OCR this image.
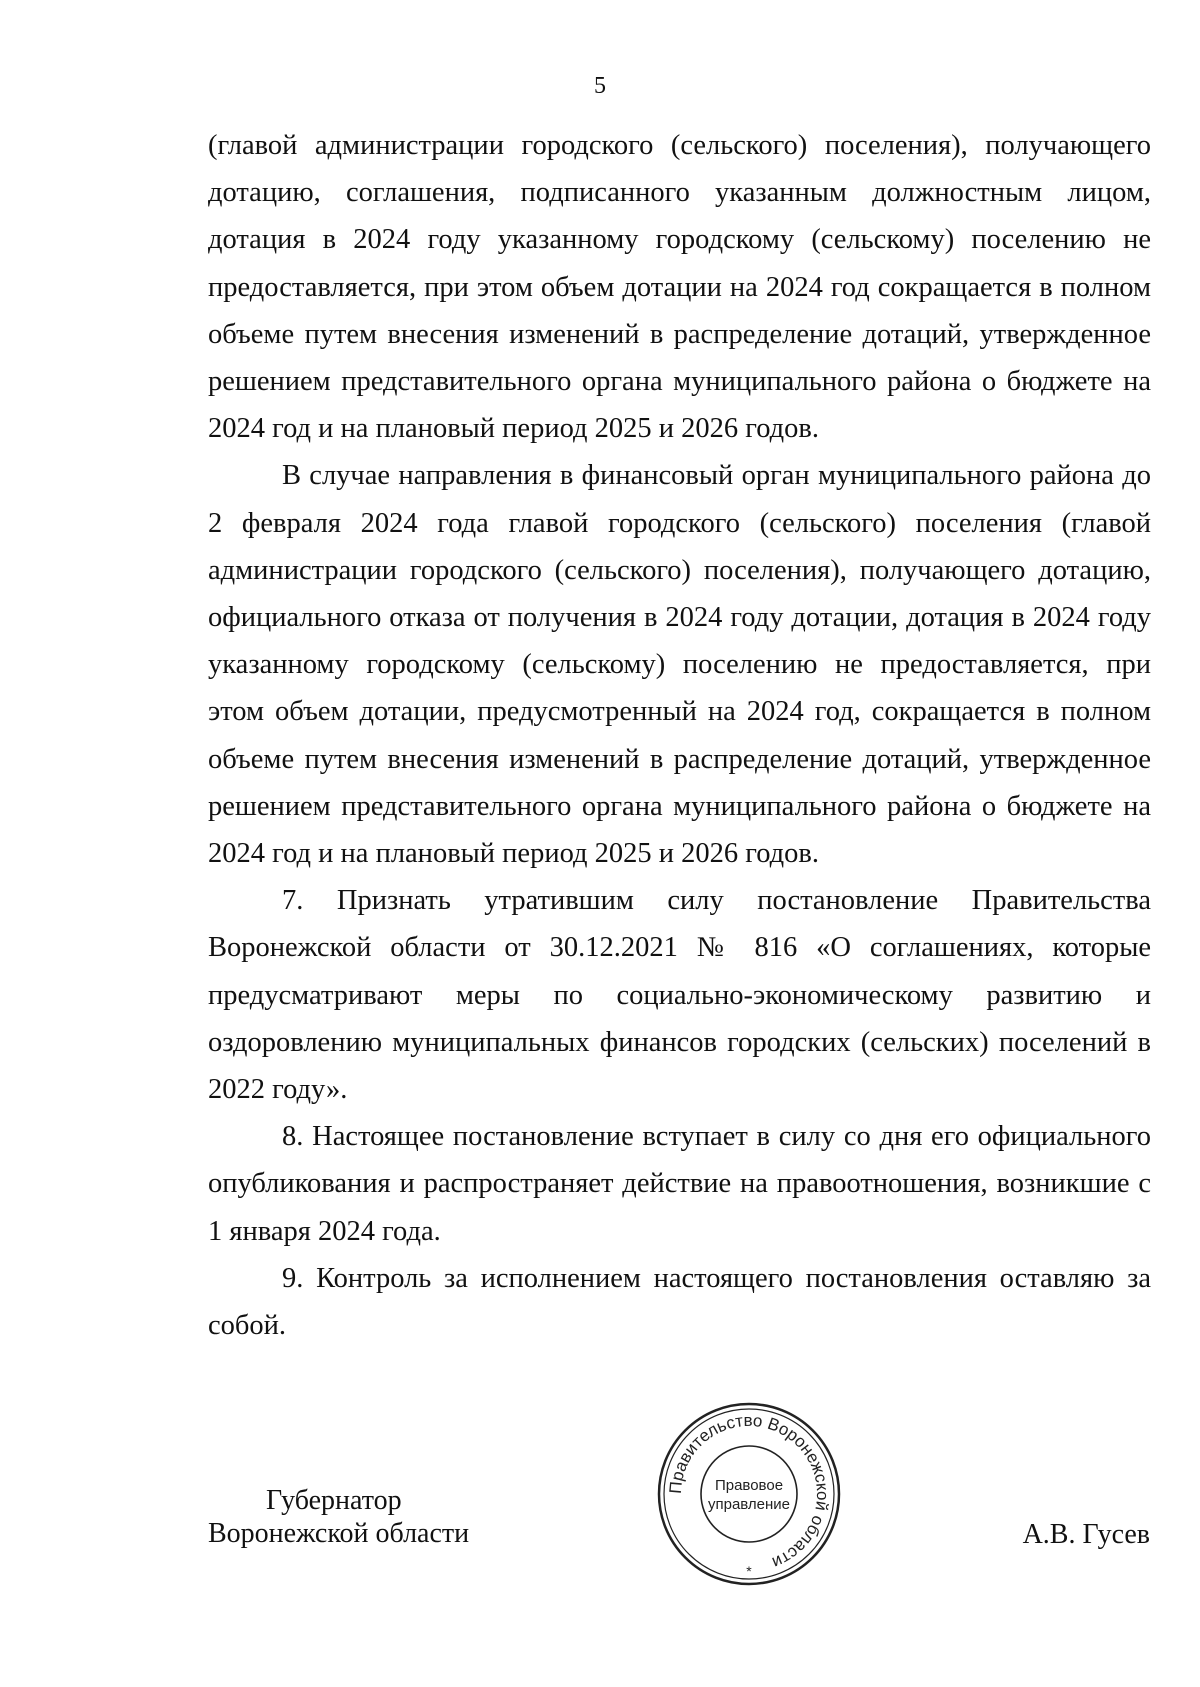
5

(главой администрации городского (сельского) поселения), получающего дотацию, соглашения, подписанного указанным должностным лицом, дотация в 2024 году указанному городскому (сельскому) поселению не предоставляется, при этом объем дотации на 2024 год сокращается в полном объеме путем внесения изменений в распределение дотаций, утвержденное решением представительного органа муниципального района о бюджете на 2024 год и на плановый период 2025 и 2026 годов.

В случае направления в финансовый орган муниципального района до 2 февраля 2024 года главой городского (сельского) поселения (главой администрации городского (сельского) поселения), получающего дотацию, официального отказа от получения в 2024 году дотации, дотация в 2024 году указанному городскому (сельскому) поселению не предоставляется, при этом объем дотации, предусмотренный на 2024 год, сокращается в полном объеме путем внесения изменений в распределение дотаций, утвержденное решением представительного органа муниципального района о бюджете на 2024 год и на плановый период 2025 и 2026 годов.

7. Признать утратившим силу постановление Правительства Воронежской области от 30.12.2021 № 816 «О соглашениях, которые предусматривают меры по социально-экономическому развитию и оздоровлению муниципальных финансов городских (сельских) поселений в 2022 году».

8. Настоящее постановление вступает в силу со дня его официального опубликования и распространяет действие на правоотношения, возникшие с 1 января 2024 года.

9. Контроль за исполнением настоящего постановления оставляю за собой.

Правительство Воронежской области
Правовое
управление
*
Губернатор
Воронежской области	А.В. Гусев
